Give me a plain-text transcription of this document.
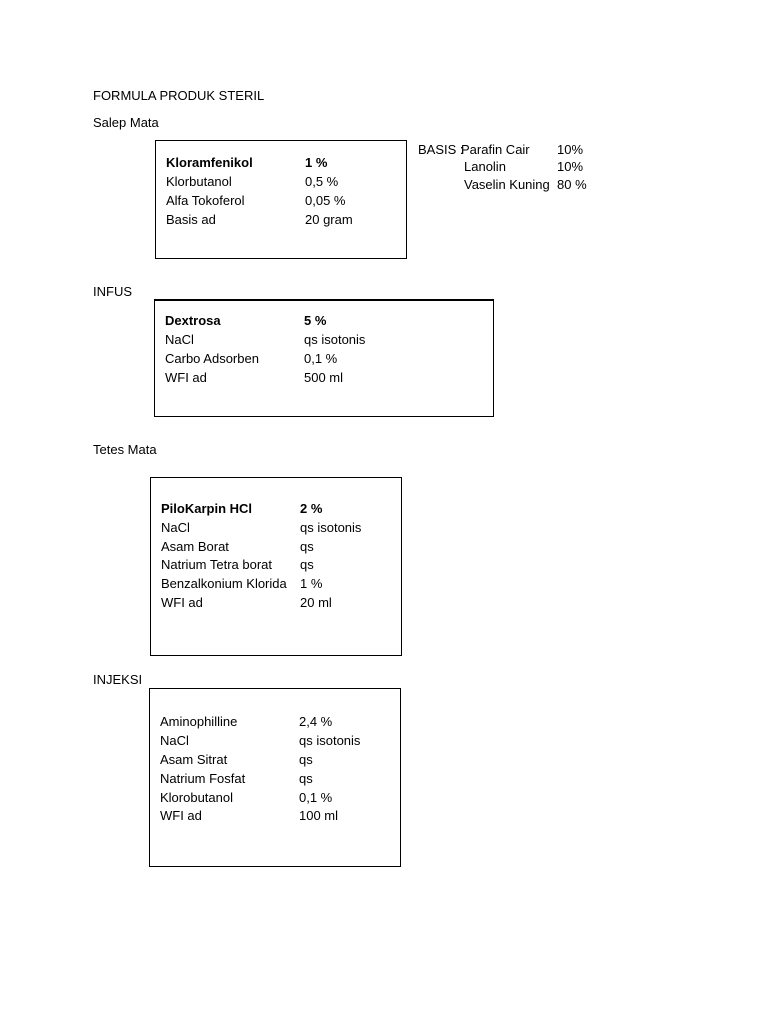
FORMULA PRODUK STERIL
Salep Mata
INFUS
Tetes Mata
INJEKSI
Kloramfenikol	1 %
Klorbutanol	0,5 %
Alfa Tokoferol	0,05 %
Basis ad	20 gram
BASIS :
Parafin Cair 10%
Lanolin	10%
Vaselin Kuning 80 %
Dextrosa	5 %
NaCl	qs isotonis
Carbo Adsorben	0,1 %
WFI ad	500 ml
PiloKarpin HCl	2 %
NaCl	qs isotonis
Asam Borat	qs
Natrium Tetra borat qs
Benzalkonium Klorida 1 %
WFI ad	20 ml
Aminophilline	2,4 %
NaCl	qs isotonis
Asam Sitrat	qs
Natrium Fosfat	qs
Klorobutanol	0,1 %
WFI ad	100 ml
